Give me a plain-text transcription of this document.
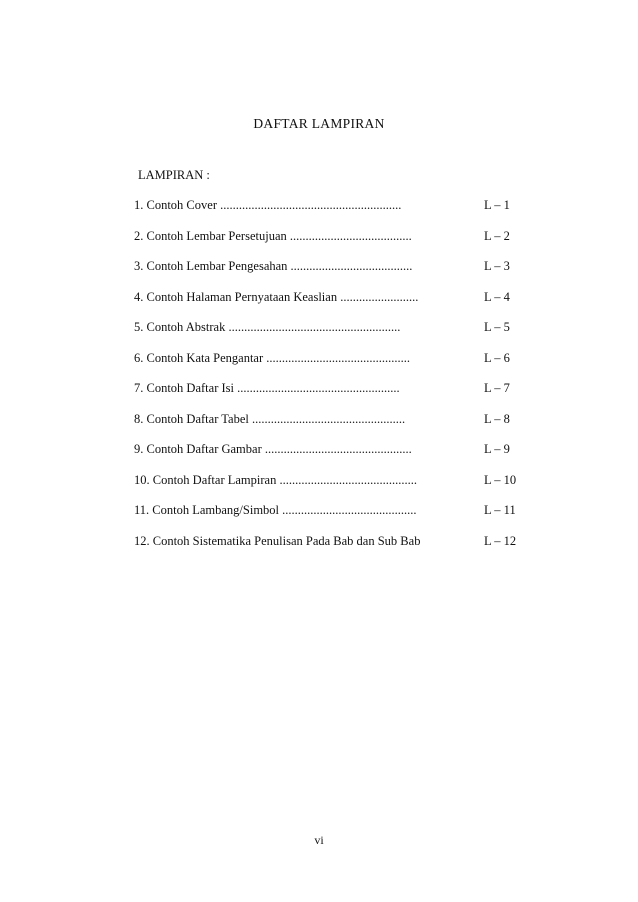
DAFTAR LAMPIRAN
LAMPIRAN :
1. Contoh Cover ..........................................................	L – 1
2. Contoh Lembar Persetujuan .......................................	L – 2
3. Contoh Lembar Pengesahan .......................................	L – 3
4. Contoh Halaman Pernyataan Keaslian .........................	L – 4
5. Contoh Abstrak .......................................................	L – 5
6. Contoh Kata Pengantar ..............................................	L – 6
7. Contoh Daftar Isi ....................................................	L – 7
8. Contoh Daftar Tabel .................................................	L – 8
9. Contoh Daftar Gambar ...............................................	L – 9
10. Contoh Daftar Lampiran ............................................	L – 10
11. Contoh Lambang/Simbol ...........................................	L – 11
12. Contoh Sistematika Penulisan Pada Bab dan Sub Bab	L – 12
vi
